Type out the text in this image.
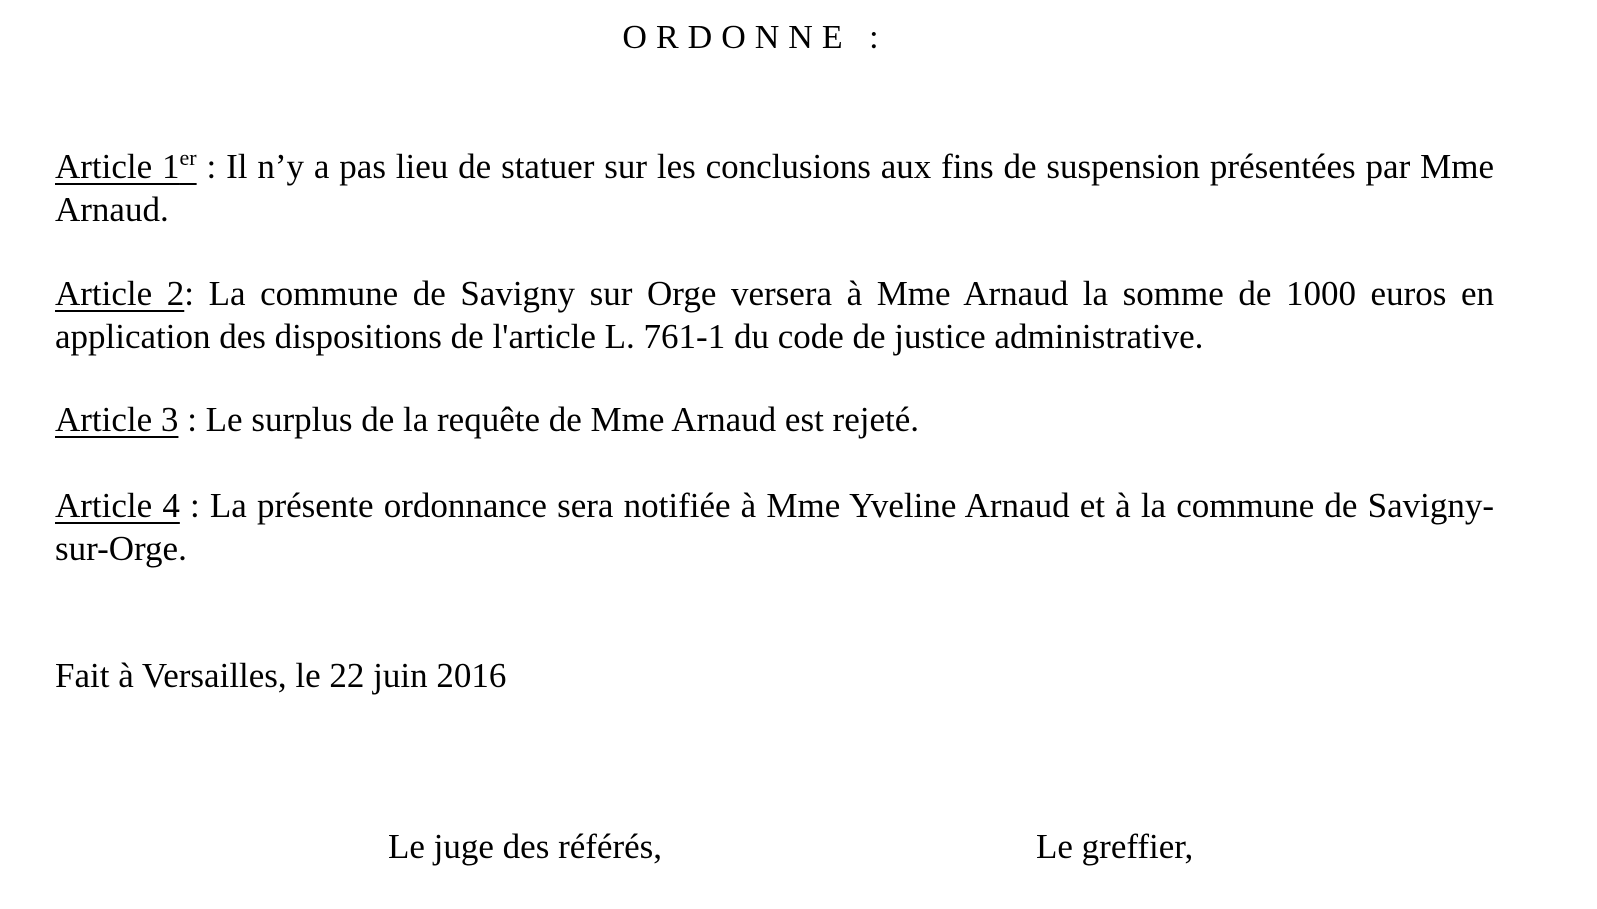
ORDONNE :
Article 1er : Il n’y a pas lieu de statuer sur les conclusions aux fins de suspension présentées par Mme Arnaud.
Article 2: La commune de Savigny sur Orge versera à Mme Arnaud la somme de 1000 euros en application des dispositions de l'article L. 761-1 du code de justice administrative.
Article 3 : Le surplus de la requête de Mme Arnaud est rejeté.
Article 4 : La présente ordonnance sera notifiée à Mme Yveline Arnaud et à la commune de Savigny-sur-Orge.
Fait à Versailles, le 22 juin 2016
Le juge des référés,	Le greffier,
